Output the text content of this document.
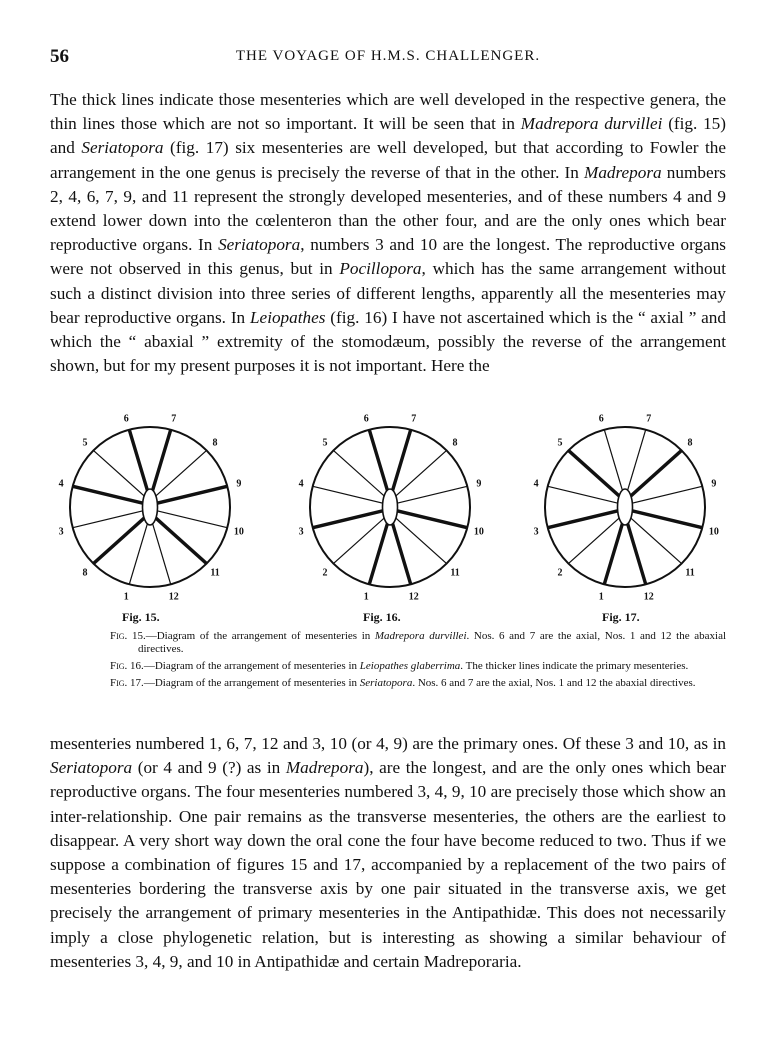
56	THE VOYAGE OF H.M.S. CHALLENGER.

The thick lines indicate those mesenteries which are well developed in the respective genera, the thin lines those which are not so important. It will be seen that in Madrepora durvillei (fig. 15) and Seriatopora (fig. 17) six mesenteries are well developed, but that according to Fowler the arrangement in the one genus is precisely the reverse of that in the other. In Madrepora numbers 2, 4, 6, 7, 9, and 11 represent the strongly developed mesenteries, and of these numbers 4 and 9 extend lower down into the cœlenteron than the other four, and are the only ones which bear reproductive organs. In Seriatopora, numbers 3 and 10 are the longest. The reproductive organs were not observed in this genus, but in Pocillopora, which has the same arrangement without such a distinct division into three series of different lengths, apparently all the mesenteries may bear reproductive organs. In Leiopathes (fig. 16) I have not ascertained which is the “ axial ” and which the “ abaxial ” extremity of the stomodæum, possibly the reverse of the arrangement shown, but for my present purposes it is not important. Here the

7
8
9
10
11
12
1
8
3
4
5
6
Fig. 15.
7
8
9
10
11
12
1
2
3
4
5
6
Fig. 16.
7
8
9
10
11
12
1
2
3
4
5
6
Fig. 17.

Fig. 15.—Diagram of the arrangement of mesenteries in Madrepora durvillei. Nos. 6 and 7 are the axial, Nos. 1 and 12 the abaxial directives.

Fig. 16.—Diagram of the arrangement of mesenteries in Leiopathes glaberrima. The thicker lines indicate the primary mesenteries.

Fig. 17.—Diagram of the arrangement of mesenteries in Seriatopora. Nos. 6 and 7 are the axial, Nos. 1 and 12 the abaxial directives.

mesenteries numbered 1, 6, 7, 12 and 3, 10 (or 4, 9) are the primary ones. Of these 3 and 10, as in Seriatopora (or 4 and 9 (?) as in Madrepora), are the longest, and are the only ones which bear reproductive organs. The four mesenteries numbered 3, 4, 9, 10 are precisely those which show an inter-relationship. One pair remains as the transverse mesenteries, the others are the earliest to disappear. A very short way down the oral cone the four have become reduced to two. Thus if we suppose a combination of figures 15 and 17, accompanied by a replacement of the two pairs of mesenteries bordering the transverse axis by one pair situated in the transverse axis, we get precisely the arrangement of primary mesenteries in the Antipathidæ. This does not necessarily imply a close phylogenetic relation, but is interesting as showing a similar behaviour of mesenteries 3, 4, 9, and 10 in Antipathidæ and certain Madreporaria.
